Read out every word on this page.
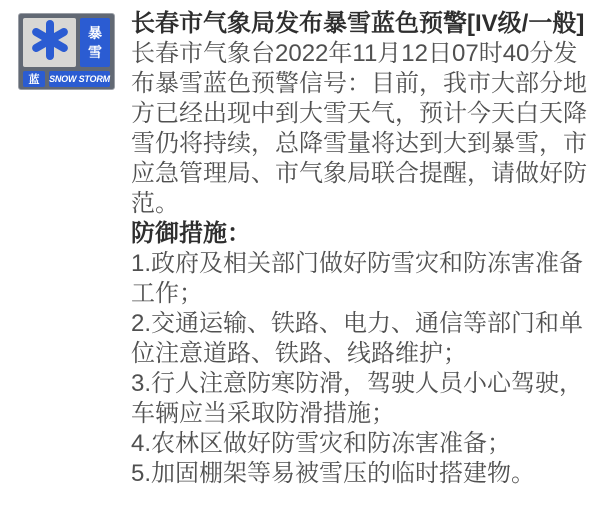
暴
雪
蓝 SNOW STORM

长春市气象局发布暴雪蓝色预警[IV级/一般]

长春市气象台2022年11月12日07时40分发布暴雪蓝色预警信号：目前，我市大部分地方已经出现中到大雪天气，预计今天白天降雪仍将持续，总降雪量将达到大到暴雪，市应急管理局、市气象局联合提醒，请做好防范。

防御措施：

1.政府及相关部门做好防雪灾和防冻害准备工作；

2.交通运输、铁路、电力、通信等部门和单位注意道路、铁路、线路维护；

3.行人注意防寒防滑，驾驶人员小心驾驶，车辆应当采取防滑措施；

4.农林区做好防雪灾和防冻害准备；

5.加固棚架等易被雪压的临时搭建物。
